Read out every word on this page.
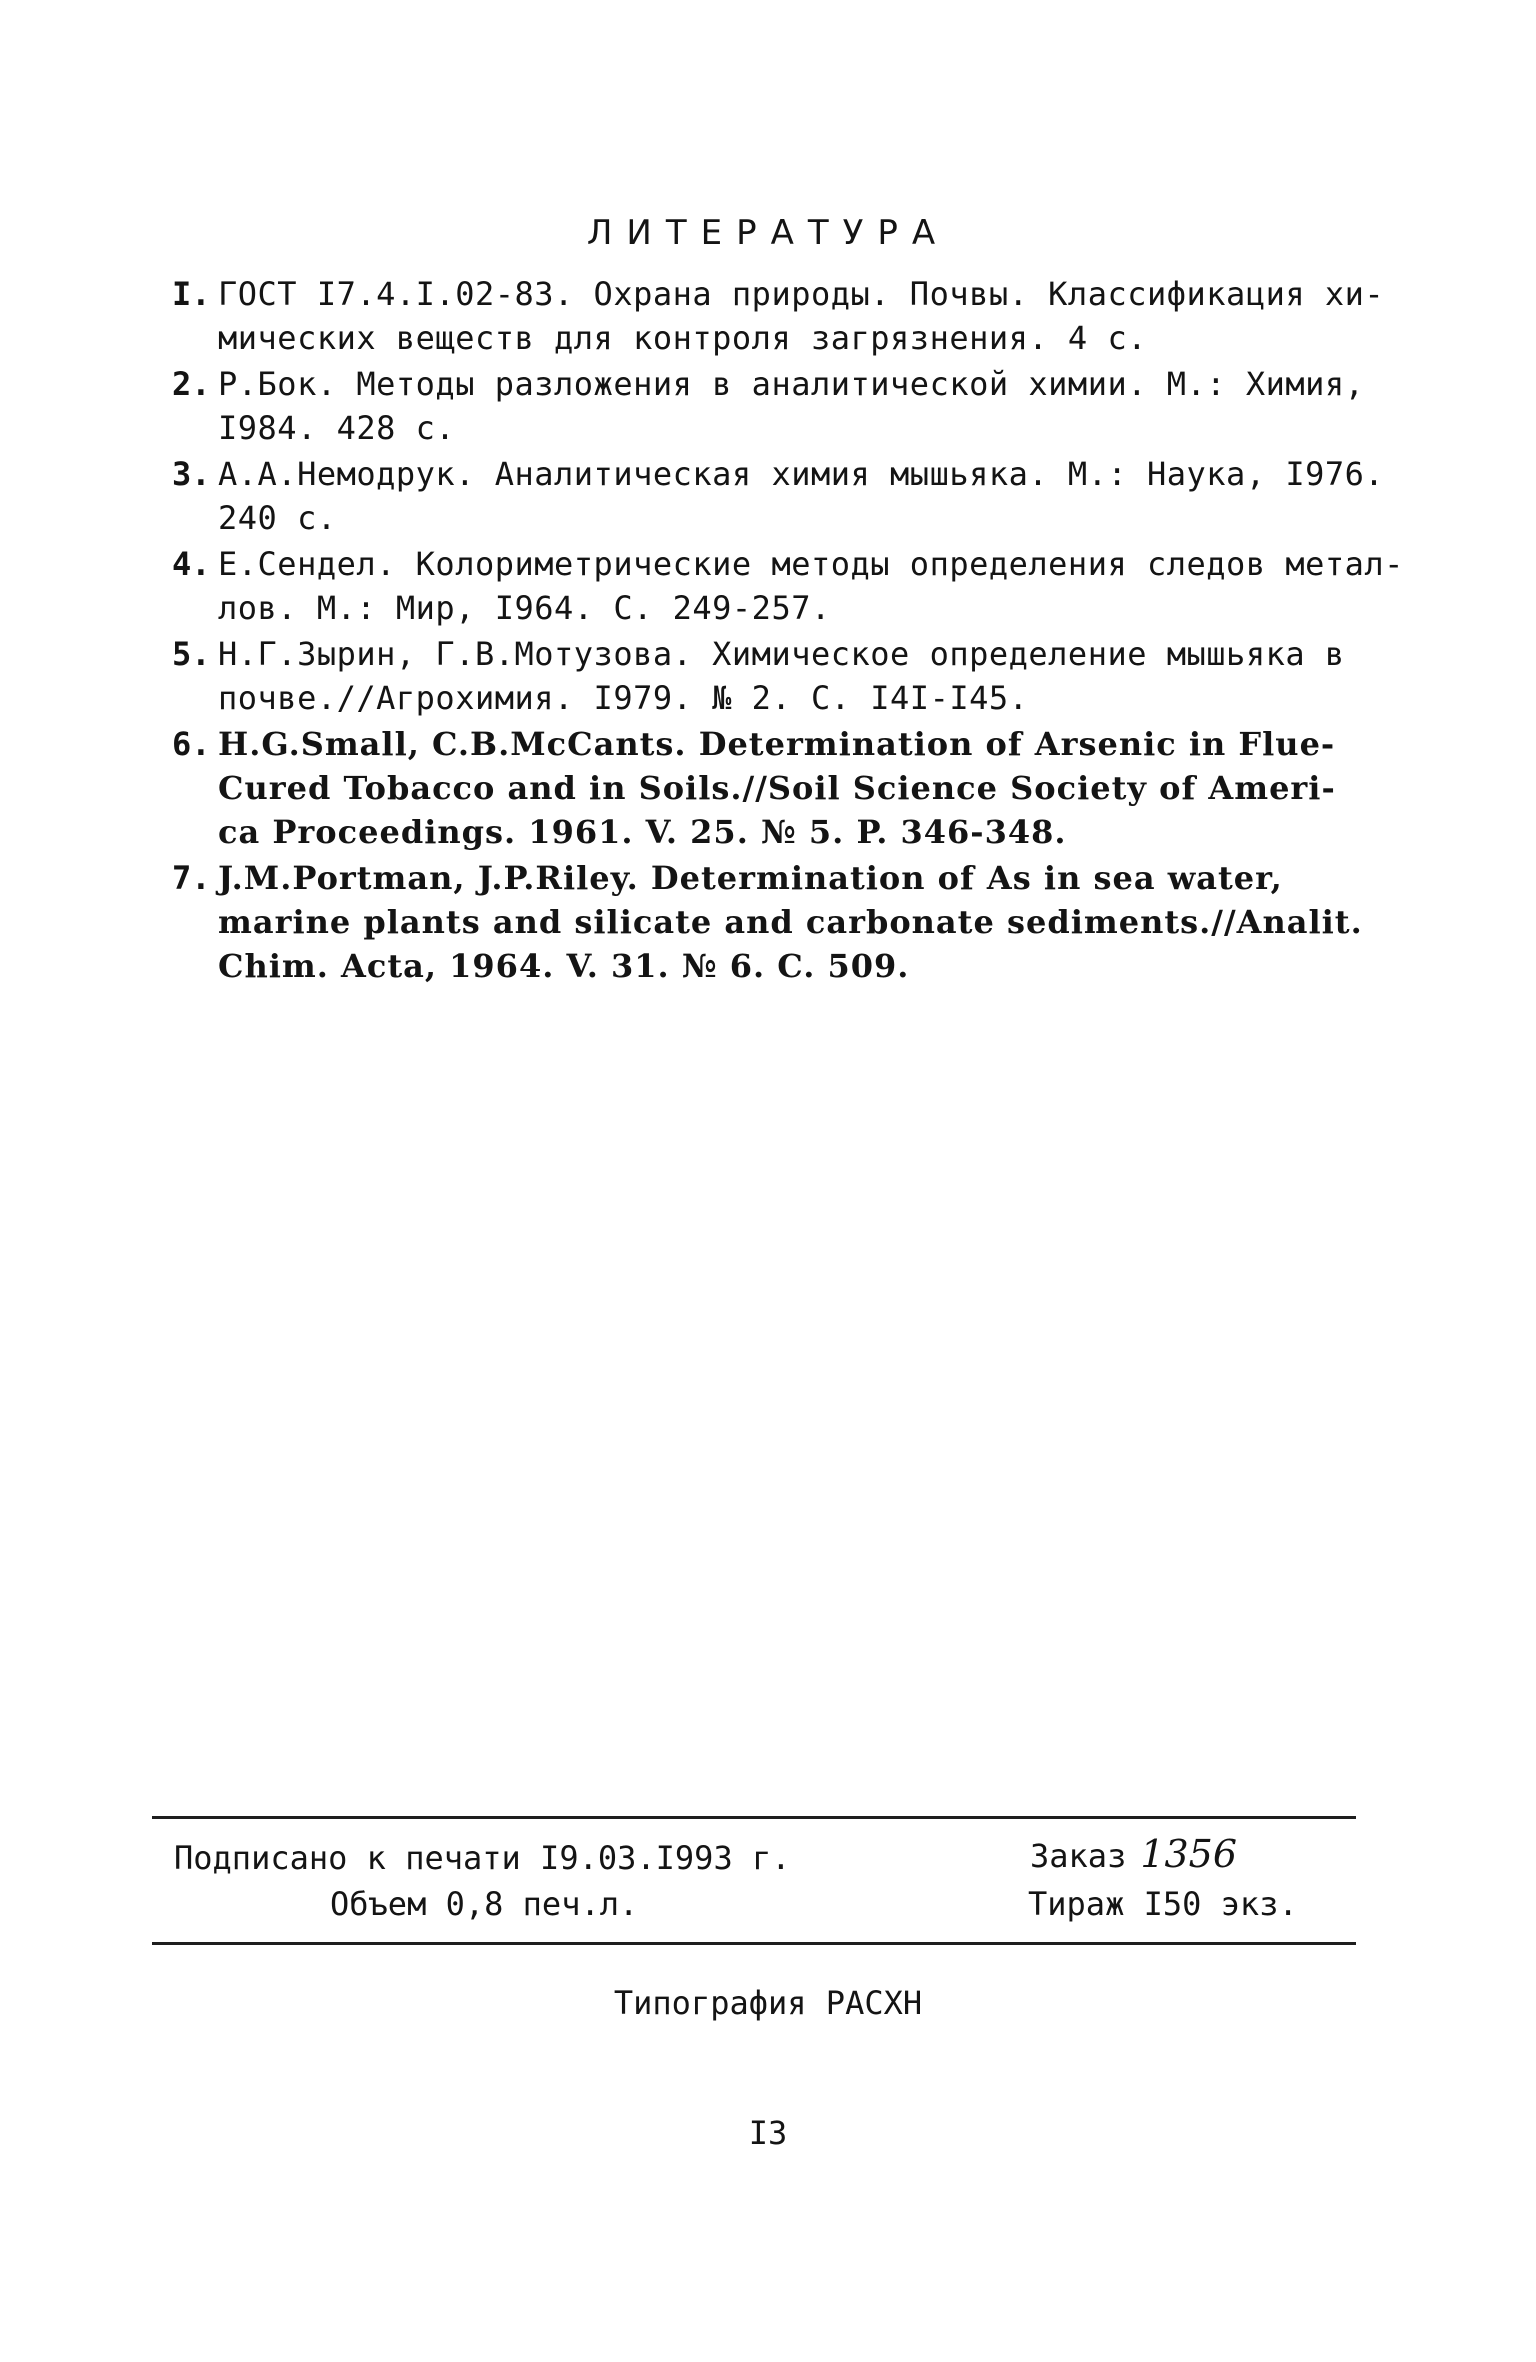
ЛИТЕРАТУРА
I. ГОСТ I7.4.I.02-83. Охрана природы. Почвы. Классификация хи-
мических веществ для контроля загрязнения. 4 с.
2. Р.Бок. Методы разложения в аналитической химии. М.: Химия,
I984. 428 с.
3. А.А.Немодрук. Аналитическая химия мышьяка. М.: Наука, I976.
240 с.
4. Е.Сендел. Колориметрические методы определения следов метал-
лов. М.: Мир, I964. С. 249-257.
5. Н.Г.Зырин, Г.В.Мотузова. Химическое определение мышьяка в
почве.//Агрохимия. I979. № 2. С. I4I-I45.
6. H.G.Small, C.B.McCants. Determination of Arsenic in Flue-
Cured Tobacco and in Soils.//Soil Science Society of Ameri-
ca Proceedings. 1961. V. 25. № 5. P. 346-348.
7. J.M.Portman, J.P.Riley. Determination of As in sea water,
marine plants and silicate and carbonate sediments.//Analit.
Chim. Acta, 1964. V. 31. № 6. C. 509.
Подписано к печати I9.03.I993 г.
Объем 0,8 печ.л.
Заказ 1356
Тираж I50 экз.
Типография РАСХН
I3
